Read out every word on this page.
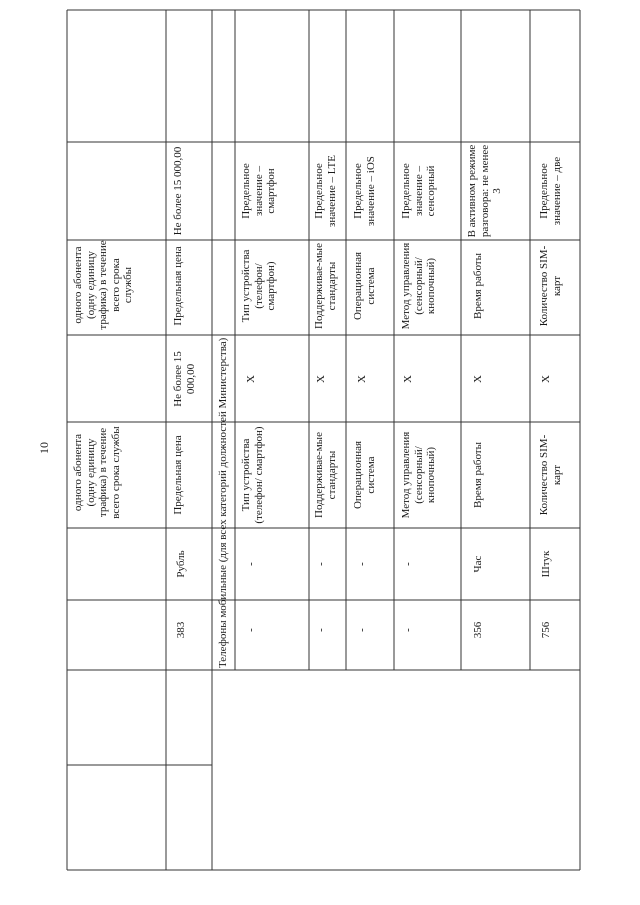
10 одного абонента (одну единицу трафика) в течение всего срока службы
одного абонента (одну единицу трафика) в течение всего срока службы
383
Рубль
Предельная цена
Не более 15 000,00
Предельная цена
Не более 15 000,00
Телефоны мобильные (для всех категорий должностей Министерства) -
-
Тип устройства (телефон/ смартфон)
X
Тип устройства (телефон/ смартфон)
Предельное значение – смартфон
-
-
Поддерживае-мые стандарты
X
Поддерживае-мые стандарты
Предельное значение – LTE
-
-
Операционная система
X
Операционная система
Предельное значение – iOS
-
-
Метод управления (сенсорный/ кнопочный)
X
Метод управления (сенсорный/ кнопочный)
Предельное значение – сенсорный
356
Час
Время работы
X
Время работы
В активном режиме разговора: не менее 3
756
Штук
Количество SIM-карт
X
Количество SIM-карт
Предельное значение – две
